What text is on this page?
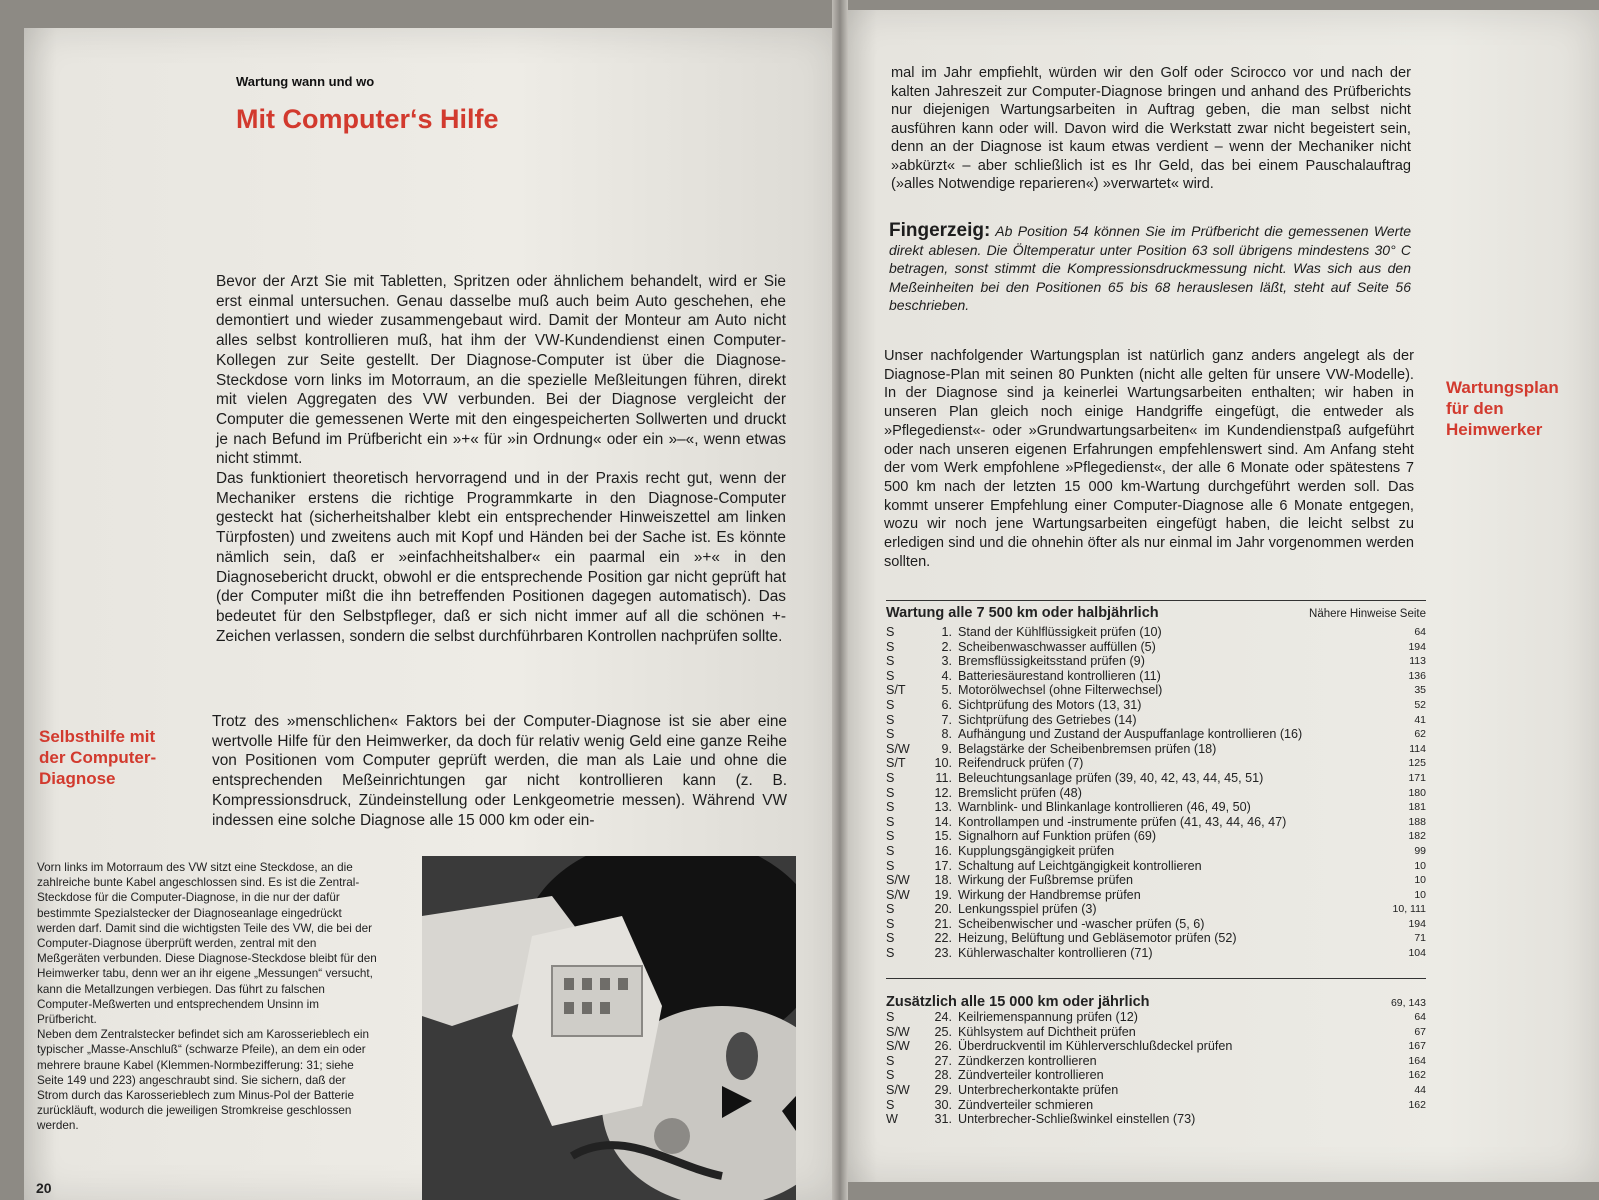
Wartung wann und wo
Mit Computer‘s Hilfe

Bevor der Arzt Sie mit Tabletten, Spritzen oder ähnlichem behandelt, wird er Sie erst einmal untersuchen. Genau dasselbe muß auch beim Auto geschehen, ehe demontiert und wieder zusammengebaut wird. Damit der Monteur am Auto nicht alles selbst kontrollieren muß, hat ihm der VW-Kundendienst einen Computer-Kollegen zur Seite gestellt. Der Diagnose-Computer ist über die Diagnose-Steckdose vorn links im Motorraum, an die spezielle Meßleitungen führen, direkt mit vielen Aggregaten des VW verbunden. Bei der Diagnose vergleicht der Computer die gemessenen Werte mit den eingespeicherten Sollwerten und druckt je nach Befund im Prüfbericht ein »+« für »in Ordnung« oder ein »–«, wenn etwas nicht stimmt.

Das funktioniert theoretisch hervorragend und in der Praxis recht gut, wenn der Mechaniker erstens die richtige Programmkarte in den Diagnose-Computer gesteckt hat (sicherheitshalber klebt ein entsprechender Hinweiszettel am linken Türpfosten) und zweitens auch mit Kopf und Händen bei der Sache ist. Es könnte nämlich sein, daß er »einfachheitshalber« ein paarmal ein »+« in den Diagnosebericht druckt, obwohl er die entsprechende Position gar nicht geprüft hat (der Computer mißt die ihn betreffenden Positionen dagegen automatisch). Das bedeutet für den Selbstpfleger, daß er sich nicht immer auf all die schönen +-Zeichen verlassen, sondern die selbst durchführbaren Kontrollen nachprüfen sollte.

Selbsthilfe mit der Computer-Diagnose

Trotz des »menschlichen« Faktors bei der Computer-Diagnose ist sie aber eine wertvolle Hilfe für den Heimwerker, da doch für relativ wenig Geld eine ganze Reihe von Positionen vom Computer geprüft werden, die man als Laie und ohne die entsprechenden Meßeinrichtungen gar nicht kontrollieren kann (z. B. Kompressionsdruck, Zündeinstellung oder Lenkgeometrie messen). Während VW indessen eine solche Diagnose alle 15 000 km oder ein-

Vorn links im Motorraum des VW sitzt eine Steckdose, an die zahlreiche bunte Kabel angeschlossen sind. Es ist die Zentral-Steckdose für die Computer-Diagnose, in die nur der dafür bestimmte Spezialstecker der Diagnoseanlage eingedrückt werden darf. Damit sind die wichtigsten Teile des VW, die bei der Computer-Diagnose überprüft werden, zentral mit den Meßgeräten verbunden. Diese Diagnose-Steckdose bleibt für den Heimwerker tabu, denn wer an ihr eigene „Messungen“ versucht, kann die Metallzungen verbiegen. Das führt zu falschen Computer-Meßwerten und entsprechendem Unsinn im Prüfbericht.
Neben dem Zentralstecker befindet sich am Karosserieblech ein typischer „Masse-Anschluß“ (schwarze Pfeile), an dem ein oder mehrere braune Kabel (Klemmen-Normbezifferung: 31; siehe Seite 149 und 223) angeschraubt sind. Sie sichern, daß der Strom durch das Karosserieblech zum Minus-Pol der Batterie zurückläuft, wodurch die jeweiligen Stromkreise geschlossen werden.
20

mal im Jahr empfiehlt, würden wir den Golf oder Scirocco vor und nach der kalten Jahreszeit zur Computer-Diagnose bringen und anhand des Prüfberichts nur diejenigen Wartungsarbeiten in Auftrag geben, die man selbst nicht ausführen kann oder will. Davon wird die Werkstatt zwar nicht begeistert sein, denn an der Diagnose ist kaum etwas verdient – wenn der Mechaniker nicht »abkürzt« – aber schließlich ist es Ihr Geld, das bei einem Pauschalauftrag (»alles Notwendige reparieren«) »verwartet« wird.

Fingerzeig: Ab Position 54 können Sie im Prüfbericht die gemessenen Werte direkt ablesen. Die Öltemperatur unter Position 63 soll übrigens mindestens 30° C betragen, sonst stimmt die Kompressionsdruckmessung nicht. Was sich aus den Meßeinheiten bei den Positionen 65 bis 68 herauslesen läßt, steht auf Seite 56 beschrieben.

Unser nachfolgender Wartungsplan ist natürlich ganz anders angelegt als der Diagnose-Plan mit seinen 80 Punkten (nicht alle gelten für unsere VW-Modelle). In der Diagnose sind ja keinerlei Wartungsarbeiten enthalten; wir haben in unseren Plan gleich noch einige Handgriffe eingefügt, die entweder als »Pflegedienst«- oder »Grundwartungsarbeiten« im Kundendienstpaß aufgeführt oder nach unseren eigenen Erfahrungen empfehlenswert sind. Am Anfang steht der vom Werk empfohlene »Pflegedienst«, der alle 6 Monate oder spätestens 7 500 km nach der letzten 15 000 km-Wartung durchgeführt werden soll. Das kommt unserer Empfehlung einer Computer-Diagnose alle 6 Monate entgegen, wozu wir noch jene Wartungsarbeiten eingefügt haben, die leicht selbst zu erledigen sind und die ohnehin öfter als nur einmal im Jahr vorgenommen werden sollten.

Wartungsplan für den Heimwerker
Wartung alle 7 500 km oder halbjährlich	Nähere Hinweise Seite
S	1. Stand der Kühlflüssigkeit prüfen (10)	64
S	2. Scheibenwaschwasser auffüllen (5)	194
S	3. Bremsflüssigkeitsstand prüfen (9)	113
S	4. Batteriesäurestand kontrollieren (11)	136
S/T	5. Motorölwechsel (ohne Filterwechsel)	35
S	6. Sichtprüfung des Motors (13, 31)	52
S	7. Sichtprüfung des Getriebes (14)	41
S	8. Aufhängung und Zustand der Auspuffanlage kontrollieren (16)	62
S/W	9. Belagstärke der Scheibenbremsen prüfen (18)	114
S/T	10. Reifendruck prüfen (7)	125
S	11. Beleuchtungsanlage prüfen (39, 40, 42, 43, 44, 45, 51)	171
S	12. Bremslicht prüfen (48)	180
S	13. Warnblink- und Blinkanlage kontrollieren (46, 49, 50)	181
S	14. Kontrollampen und -instrumente prüfen (41, 43, 44, 46, 47)	188
S	15. Signalhorn auf Funktion prüfen (69)	182
S	16. Kupplungsgängigkeit prüfen	99
S	17. Schaltung auf Leichtgängigkeit kontrollieren	10
S/W	18. Wirkung der Fußbremse prüfen	10
S/W	19. Wirkung der Handbremse prüfen	10
S	20. Lenkungsspiel prüfen (3)	10, 111
S	21. Scheibenwischer und -wascher prüfen (5, 6)	194
S	22. Heizung, Belüftung und Gebläsemotor prüfen (52)	71
S	23. Kühlerwaschalter kontrollieren (71)	104
Zusätzlich alle 15 000 km oder jährlich	69, 143
S	24. Keilriemenspannung prüfen (12)	64
S/W	25. Kühlsystem auf Dichtheit prüfen	67
S/W	26. Überdruckventil im Kühlerverschlußdeckel prüfen	167
S	27. Zündkerzen kontrollieren	164
S	28. Zündverteiler kontrollieren	162
S/W	29. Unterbrecherkontakte prüfen	44
S	30. Zündverteiler schmieren	162
W	31. Unterbrecher-Schließwinkel einstellen (73)
